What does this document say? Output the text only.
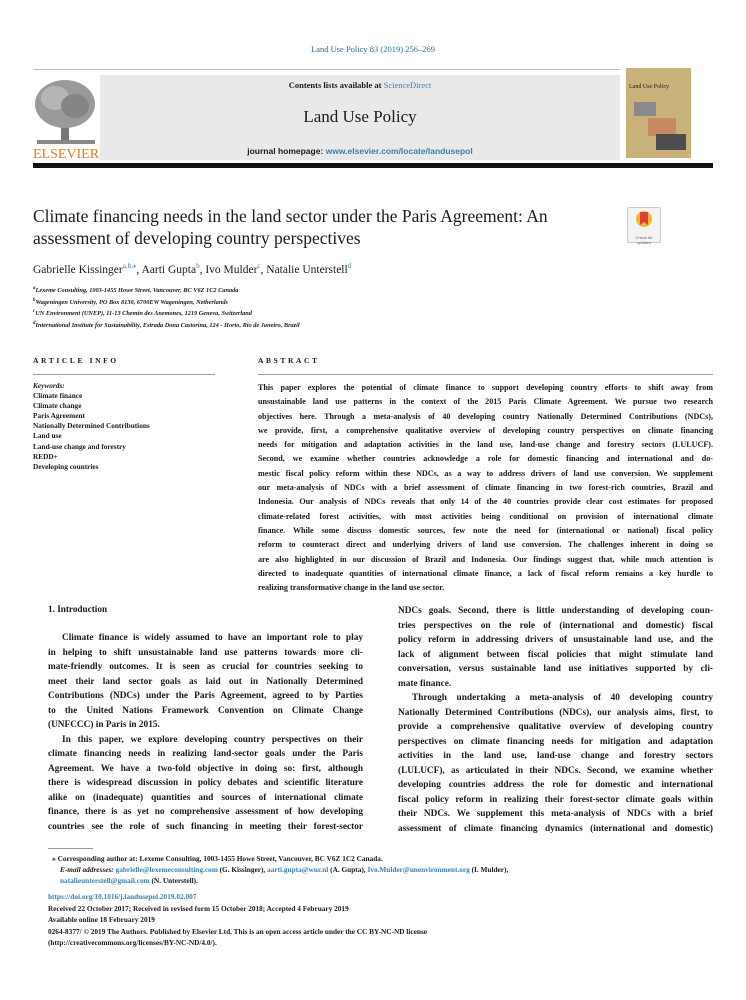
Land Use Policy 83 (2019) 256–269
ELSEVIER
Contents lists available at ScienceDirect
Land Use Policy
journal homepage: www.elsevier.com/locate/landusepol
Land Use Policy
Climate financing needs in the land sector under the Paris Agreement: An
assessment of developing country perspectives	Check for updates
Gabrielle Kissinger$^{a,b,⁎}$, Aarti Gupta$^b$, Ivo Mulder$^c$, Natalie Unterstell$^d$
$^a$Lexeme Consulting, 1003-1455 Howe Street, Vancouver, BC V6Z 1C2 Canada
$^b$Wageningen University, PO Box 8130, 6700EW Wageningen, Netherlands
$^c$UN Environment (UNEP), 11-13 Chemin des Anemones, 1219 Geneva, Switzerland
$^d$International Institute for Sustainability, Estrada Dona Castorina, 124 - Horto, Rio de Janeiro, Brazil
ARTICLE INFO	ABSTRACT
Keywords:
Climate finance
Climate change
Paris Agreement
Nationally Determined Contributions
Land use
Land-use change and forestry
REDD+
Developing countries
This paper explores the potential of climate finance to support developing country efforts to shift away from
unsustainable land use patterns in the context of the 2015 Paris Climate Agreement. We pursue two research
objectives here. Through a meta-analysis of 40 developing country Nationally Determined Contributions (NDCs),
we provide, first, a comprehensive qualitative overview of developing country perspectives on climate financing
needs for mitigation and adaptation activities in the land use, land-use change and forestry sectors (LULUCF).
Second, we examine whether countries acknowledge a role for domestic financing and international and do-
mestic fiscal policy reform within these NDCs, as a way to address drivers of land use conversion. We supplement
our meta-analysis of NDCs with a brief assessment of climate financing in two forest-rich countries, Brazil and
Indonesia. Our analysis of NDCs reveals that only 14 of the 40 countries provide clear cost estimates for proposed
climate-related forest activities, with most activities being conditional on provision of international climate
finance. While some discuss domestic sources, few note the need for (international or national) fiscal policy
reform to counteract direct and underlying drivers of land use conversion. The challenges inherent in doing so
are also highlighted in our discussion of Brazil and Indonesia. Our findings suggest that, while much attention is
directed to inadequate quantities of international climate finance, a lack of fiscal reform remains a key hurdle to
realizing transformative change in the land use sector.
1. Introduction
Climate finance is widely assumed to have an important role to play
in helping to shift unsustainable land use patterns towards more cli-
mate-friendly outcomes. It is seen as crucial for countries seeking to
meet their land sector goals as laid out in Nationally Determined
Contributions (NDCs) under the Paris Agreement, agreed to by Parties
to the United Nations Framework Convention on Climate Change
(UNFCCC) in Paris in 2015.
In this paper, we explore developing country perspectives on their
climate financing needs in realizing land-sector goals under the Paris
Agreement. We have a two-fold objective in doing so: first, although
there is widespread discussion in policy debates and scientific literature
alike on (inadequate) quantities and sources of international climate
finance, there is as yet no comprehensive assessment of how developing
countries see the role of such financing in meeting their forest-sector
NDCs goals. Second, there is little understanding of developing coun-
tries perspectives on the role of (international and domestic) fiscal
policy reform in addressing drivers of unsustainable land use, and the
lack of alignment between fiscal policies that might stimulate land
conversation, versus sustainable land use initiatives supported by cli-
mate finance.
Through undertaking a meta-analysis of 40 developing country
Nationally Determined Contributions (NDCs), our analysis aims, first, to
provide a comprehensive qualitative overview of developing country
perspectives on climate financing needs for mitigation and adaptation
activities in the land use, land-use change and forestry sectors
(LULUCF), as articulated in their NDCs. Second, we examine whether
developing countries address the role for domestic and international
fiscal policy reform in realizing their forest-sector climate goals within
their NDCs. We supplement this meta-analysis of NDCs with a brief
assessment of climate financing dynamics (international and domestic)
⁎ Corresponding author at: Lexeme Consulting, 1003-1455 Howe Street, Vancouver, BC V6Z 1C2 Canada.
E-mail addresses: gabrielle@lexemeconsulting.com (G. Kissinger), aarti.gupta@wur.nl (A. Gupta), Ivo.Mulder@unenvironment.org (I. Mulder),
natalieunterstell@gmail.com (N. Unterstell).
https://doi.org/10.1016/j.landusepol.2019.02.007
Received 22 October 2017; Received in revised form 15 October 2018; Accepted 4 February 2019
Available online 18 February 2019
0264-8377/ © 2019 The Authors. Published by Elsevier Ltd. This is an open access article under the CC BY-NC-ND license
(http://creativecommons.org/licenses/BY-NC-ND/4.0/).
